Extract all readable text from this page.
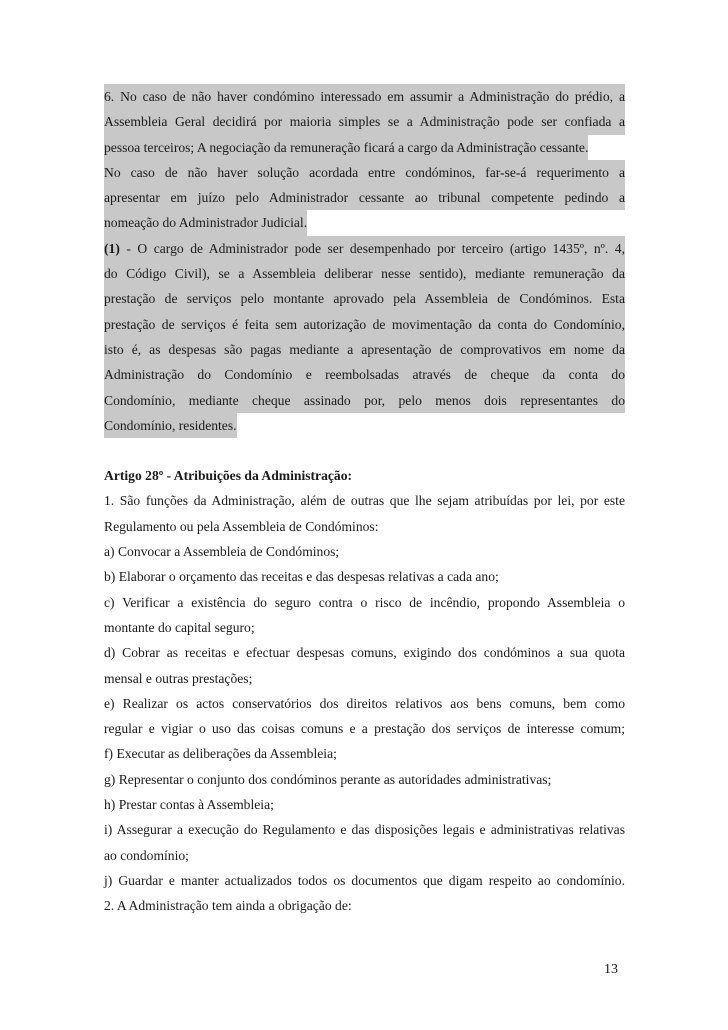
6. No caso de não haver condómino interessado em assumir a Administração do prédio, a

Assembleia Geral decidirá por maioria simples se a Administração pode ser confiada a

pessoa terceiros; A negociação da remuneração ficará a cargo da Administração cessante.

No caso de não haver solução acordada entre condóminos, far-se-á requerimento a

apresentar em juízo pelo Administrador cessante ao tribunal competente pedindo a

nomeação do Administrador Judicial.

(1) - O cargo de Administrador pode ser desempenhado por terceiro (artigo 1435º, nº. 4,

do Código Civil), se a Assembleia deliberar nesse sentido), mediante remuneração da

prestação de serviços pelo montante aprovado pela Assembleia de Condóminos. Esta

prestação de serviços é feita sem autorização de movimentação da conta do Condomínio,

isto é, as despesas são pagas mediante a apresentação de comprovativos em nome da

Administração do Condomínio e reembolsadas através de cheque da conta do

Condomínio, mediante cheque assinado por, pelo menos dois representantes do

Condomínio, residentes.

Artigo 28º - Atribuições da Administração:

1. São funções da Administração, além de outras que lhe sejam atribuídas por lei, por este

Regulamento ou pela Assembleia de Condóminos:

a) Convocar a Assembleia de Condóminos;

b) Elaborar o orçamento das receitas e das despesas relativas a cada ano;

c) Verificar a existência do seguro contra o risco de incêndio, propondo Assembleia o

montante do capital seguro;

d) Cobrar as receitas e efectuar despesas comuns, exigindo dos condóminos a sua quota

mensal e outras prestações;

e) Realizar os actos conservatórios dos direitos relativos aos bens comuns, bem como

regular e vigiar o uso das coisas comuns e a prestação dos serviços de interesse comum;

f) Executar as deliberações da Assembleia;

g) Representar o conjunto dos condóminos perante as autoridades administrativas;

h) Prestar contas à Assembleia;

i) Assegurar a execução do Regulamento e das disposições legais e administrativas relativas

ao condomínio;

j) Guardar e manter actualizados todos os documentos que digam respeito ao condomínio.

2. A Administração tem ainda a obrigação de:

13
